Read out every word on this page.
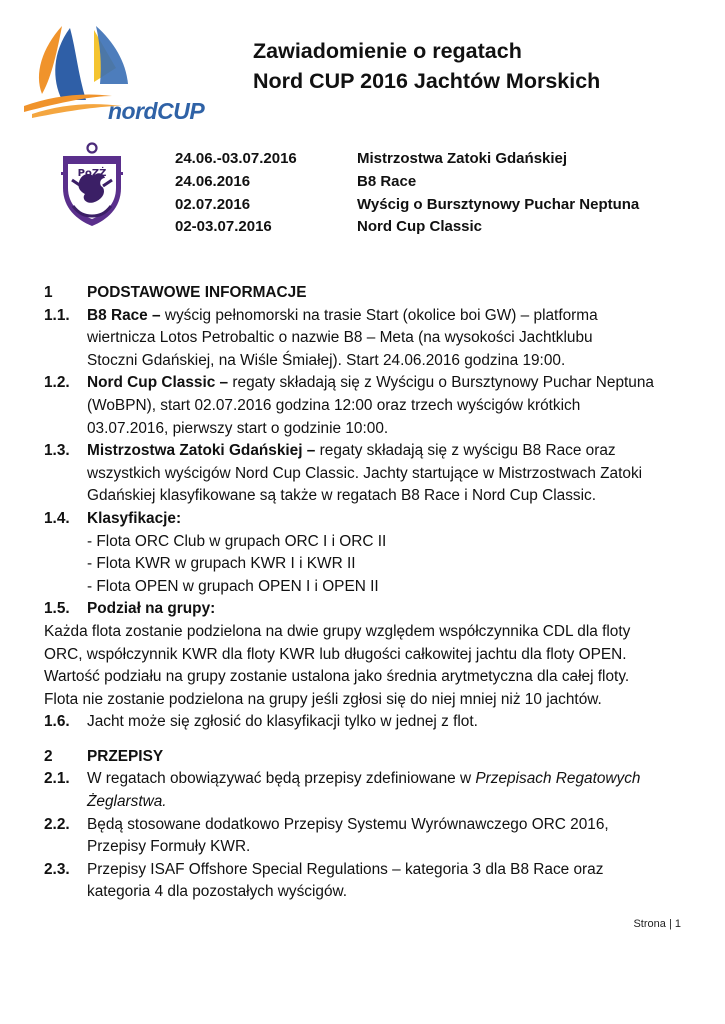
nordCUP
Zawiadomienie o regatach
Nord CUP 2016 Jachtów Morskich
PoZŻ
24.06.-03.07.2016	Mistrzostwa Zatoki Gdańskiej
24.06.2016	B8 Race
02.07.2016	Wyścig o Bursztynowy Puchar Neptuna
02-03.07.2016	Nord Cup Classic
1 PODSTAWOWE INFORMACJE
1.1. B8 Race – wyścig pełnomorski na trasie Start (okolice boi GW) – platforma
wiertnicza Lotos Petrobaltic o nazwie B8 – Meta (na wysokości Jachtklubu
Stoczni Gdańskiej, na Wiśle Śmiałej). Start 24.06.2016 godzina 19:00.
1.2. Nord Cup Classic – regaty składają się z Wyścigu o Bursztynowy Puchar Neptuna
(WoBPN), start 02.07.2016 godzina 12:00 oraz trzech wyścigów krótkich
03.07.2016, pierwszy start o godzinie 10:00.
1.3. Mistrzostwa Zatoki Gdańskiej – regaty składają się z wyścigu B8 Race oraz
wszystkich wyścigów Nord Cup Classic. Jachty startujące w Mistrzostwach Zatoki
Gdańskiej klasyfikowane są także w regatach B8 Race i Nord Cup Classic.
1.4. Klasyfikacje:
- Flota ORC Club w grupach ORC I i ORC II
- Flota KWR w grupach KWR I i KWR II
- Flota OPEN w grupach OPEN I i OPEN II
1.5. Podział na grupy:
Każda flota zostanie podzielona na dwie grupy względem współczynnika CDL dla floty
ORC, współczynnik KWR dla floty KWR lub długości całkowitej jachtu dla floty OPEN.
Wartość podziału na grupy zostanie ustalona jako średnia arytmetyczna dla całej floty.
Flota nie zostanie podzielona na grupy jeśli zgłosi się do niej mniej niż 10 jachtów.
1.6. Jacht może się zgłosić do klasyfikacji tylko w jednej z flot.
2 PRZEPISY
2.1. W regatach obowiązywać będą przepisy zdefiniowane w Przepisach Regatowych
Żeglarstwa.
2.2. Będą stosowane dodatkowo Przepisy Systemu Wyrównawczego ORC 2016,
Przepisy Formuły KWR.
2.3. Przepisy ISAF Offshore Special Regulations – kategoria 3 dla B8 Race oraz
kategoria 4 dla pozostałych wyścigów.
Strona | 1
